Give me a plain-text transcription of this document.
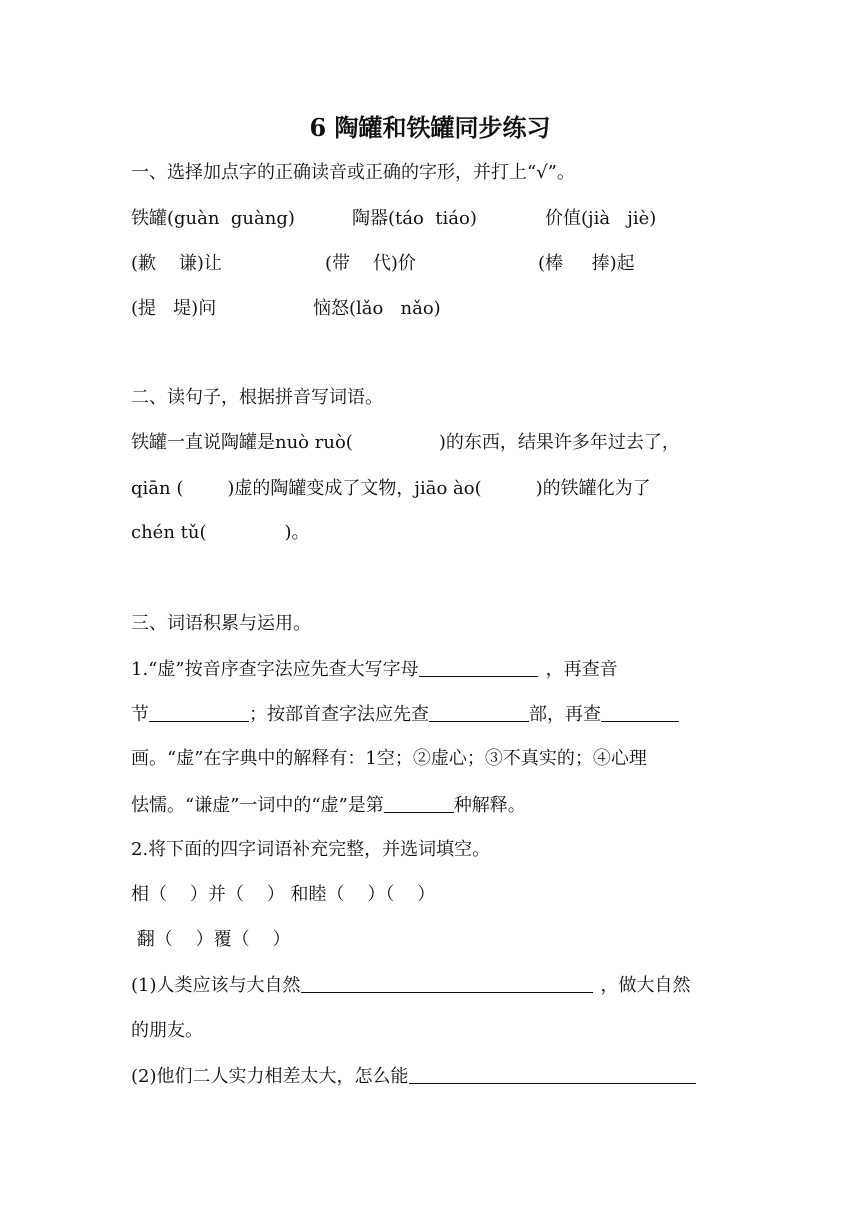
6 陶罐和铁罐同步练习
一、选择加点字的正确读音或正确的字形，并打上“√”。
铁罐(guàn  guàng)	陶器(táo  tiáo)	价值(jià   jiè)
(歉    谦)让	(带    代)价	(棒     捧)起
(提   堤)问	恼怒(lǎo   nǎo)
二、读句子，根据拼音写词语。
铁罐一直说陶罐是nuò ruò(	)的东西，结果许多年过去了，
qiān ( )虚的陶罐变成了文物，jiāo ào(	)的铁罐化为了
chén tǔ(	)。
三、词语积累与运用。
1.“虚”按音序查字法应先查大写字母	，再查音
节	；按部首查字法应先查	部，再查
画。“虚”在字典中的解释有：1空；②虚心；③不真实的；④心理
怯懦。“谦虚”一词中的“虚”是第	种解释。
2.将下面的四字词语补充完整，并选词填空。
相（    ）并（    ） 和睦（    ）（    ）
翻（    ）覆（    ）
(1)人类应该与大自然	，做大自然
的朋友。
(2)他们二人实力相差太大，怎么能
